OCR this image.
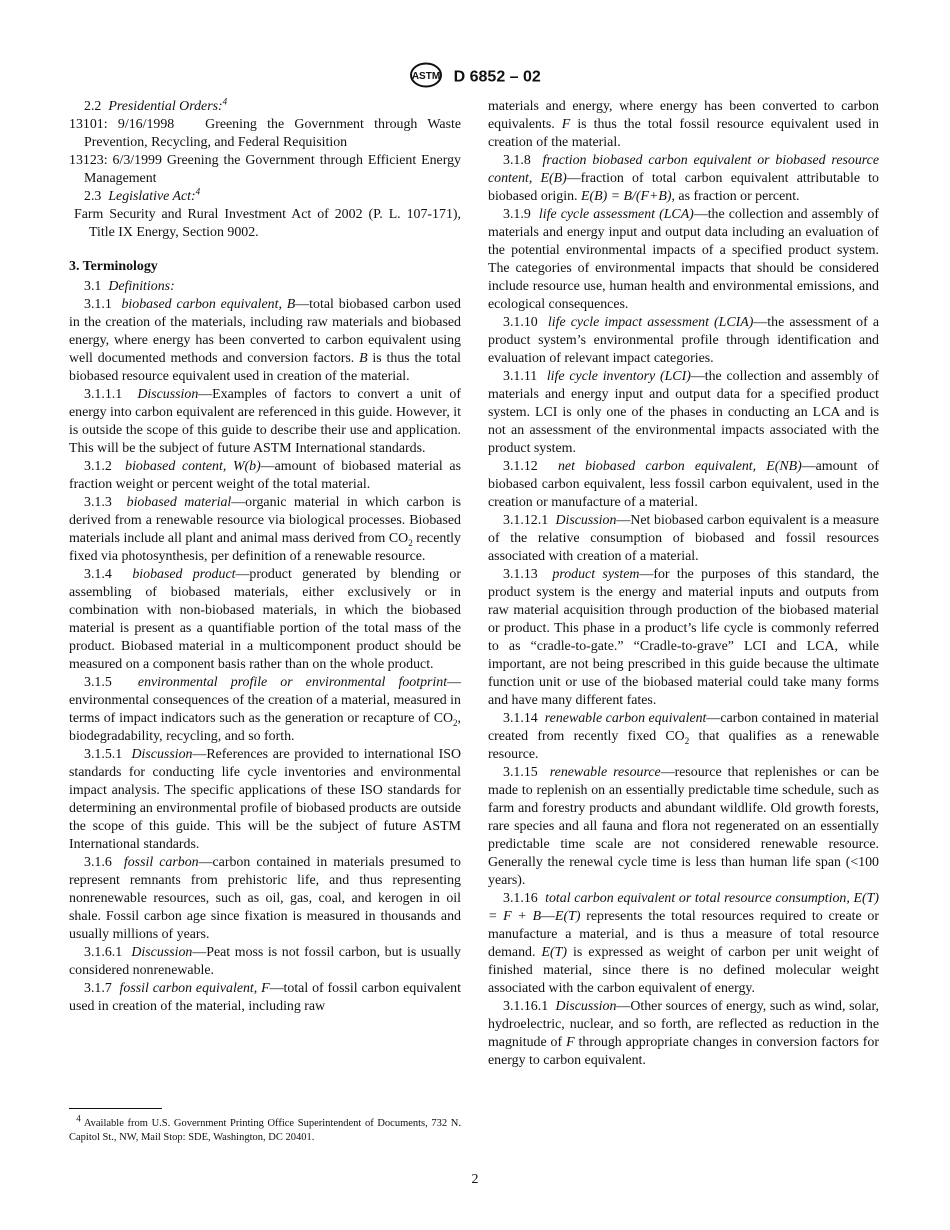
ASTM D 6852 – 02

2.2 Presidential Orders:$^4$

13101: 9/16/1998 Greening the Government through Waste Prevention, Recycling, and Federal Requisition

13123: 6/3/1999 Greening the Government through Efficient Energy Management

2.3 Legislative Act:$^4$

Farm Security and Rural Investment Act of 2002 (P. L. 107-171), Title IX Energy, Section 9002.

3. Terminology

3.1 Definitions:

3.1.1 biobased carbon equivalent, B—total biobased carbon used in the creation of the materials, including raw materials and biobased energy, where energy has been converted to carbon equivalent using well documented methods and conversion factors. B is thus the total biobased resource equivalent used in creation of the material.

3.1.1.1 Discussion—Examples of factors to convert a unit of energy into carbon equivalent are referenced in this guide. However, it is outside the scope of this guide to describe their use and application. This will be the subject of future ASTM International standards.

3.1.2 biobased content, W(b)—amount of biobased material as fraction weight or percent weight of the total material.

3.1.3 biobased material—organic material in which carbon is derived from a renewable resource via biological processes. Biobased materials include all plant and animal mass derived from $CO_2$ recently fixed via photosynthesis, per definition of a renewable resource.

3.1.4 biobased product—product generated by blending or assembling of biobased materials, either exclusively or in combination with non-biobased materials, in which the biobased material is present as a quantifiable portion of the total mass of the product. Biobased material in a multicomponent product should be measured on a component basis rather than on the whole product.

3.1.5 environmental profile or environmental footprint—environmental consequences of the creation of a material, measured in terms of impact indicators such as the generation or recapture of $CO_2$, biodegradability, recycling, and so forth.

3.1.5.1 Discussion—References are provided to international ISO standards for conducting life cycle inventories and environmental impact analysis. The specific applications of these ISO standards for determining an environmental profile of biobased products are outside the scope of this guide. This will be the subject of future ASTM International standards.

3.1.6 fossil carbon—carbon contained in materials presumed to represent remnants from prehistoric life, and thus representing nonrenewable resources, such as oil, gas, coal, and kerogen in oil shale. Fossil carbon age since fixation is measured in thousands and usually millions of years.

3.1.6.1 Discussion—Peat moss is not fossil carbon, but is usually considered nonrenewable.

3.1.7 fossil carbon equivalent, F—total of fossil carbon equivalent used in creation of the material, including raw

materials and energy, where energy has been converted to carbon equivalents. F is thus the total fossil resource equivalent used in creation of the material.

3.1.8 fraction biobased carbon equivalent or biobased resource content, E(B)—fraction of total carbon equivalent attributable to biobased origin. E(B) = B/(F+B), as fraction or percent.

3.1.9 life cycle assessment (LCA)—the collection and assembly of materials and energy input and output data including an evaluation of the potential environmental impacts of a specified product system. The categories of environmental impacts that should be considered include resource use, human health and environmental emissions, and ecological consequences.

3.1.10 life cycle impact assessment (LCIA)—the assessment of a product system’s environmental profile through identification and evaluation of relevant impact categories.

3.1.11 life cycle inventory (LCI)—the collection and assembly of materials and energy input and output data for a specified product system. LCI is only one of the phases in conducting an LCA and is not an assessment of the environmental impacts associated with the product system.

3.1.12 net biobased carbon equivalent, E(NB)—amount of biobased carbon equivalent, less fossil carbon equivalent, used in the creation or manufacture of a material.

3.1.12.1 Discussion—Net biobased carbon equivalent is a measure of the relative consumption of biobased and fossil resources associated with creation of a material.

3.1.13 product system—for the purposes of this standard, the product system is the energy and material inputs and outputs from raw material acquisition through production of the biobased material or product. This phase in a product’s life cycle is commonly referred to as “cradle-to-gate.” “Cradle-to-grave” LCI and LCA, while important, are not being prescribed in this guide because the ultimate function unit or use of the biobased material could take many forms and have many different fates.

3.1.14 renewable carbon equivalent—carbon contained in material created from recently fixed $CO_2$ that qualifies as a renewable resource.

3.1.15 renewable resource—resource that replenishes or can be made to replenish on an essentially predictable time schedule, such as farm and forestry products and abundant wildlife. Old growth forests, rare species and all fauna and flora not regenerated on an essentially predictable time scale are not considered renewable resource. Generally the renewal cycle time is less than human life span (<100 years).

3.1.16 total carbon equivalent or total resource consumption, E(T) = F + B—E(T) represents the total resources required to create or manufacture a material, and is thus a measure of total resource demand. E(T) is expressed as weight of carbon per unit weight of finished material, since there is no defined molecular weight associated with the carbon equivalent of energy.

3.1.16.1 Discussion—Other sources of energy, such as wind, solar, hydroelectric, nuclear, and so forth, are reflected as reduction in the magnitude of F through appropriate changes in conversion factors for energy to carbon equivalent.

$^4$ Available from U.S. Government Printing Office Superintendent of Documents, 732 N. Capitol St., NW, Mail Stop: SDE, Washington, DC 20401.
2
